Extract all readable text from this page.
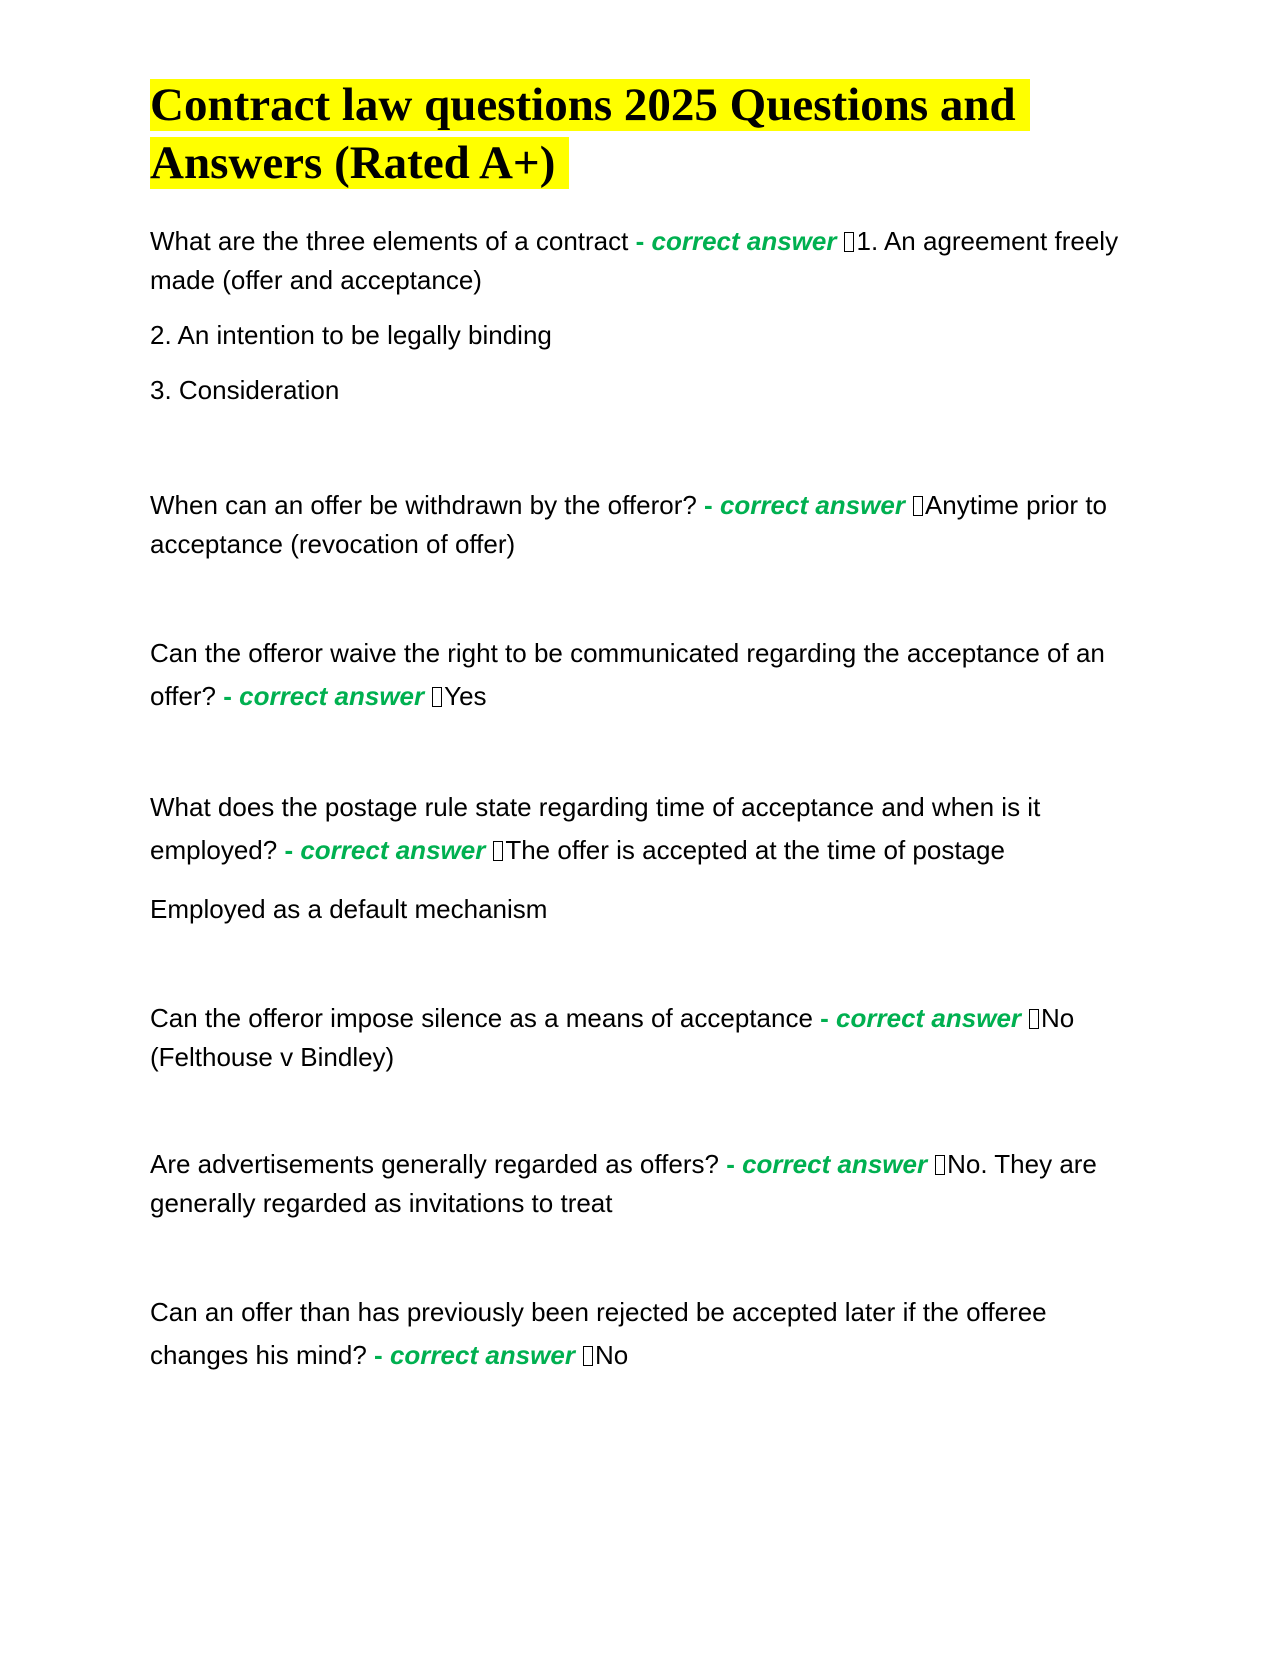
Contract law questions 2025 Questions and Answers (Rated A+)

What are the three elements of a contract - correct answer 1. An agreement freely made (offer and acceptance)

2. An intention to be legally binding

3. Consideration

When can an offer be withdrawn by the offeror? - correct answer Anytime prior to acceptance (revocation of offer)

Can the offeror waive the right to be communicated regarding the acceptance of an offer? - correct answer Yes

What does the postage rule state regarding time of acceptance and when is it employed? - correct answer The offer is accepted at the time of postage

Employed as a default mechanism

Can the offeror impose silence as a means of acceptance - correct answer No (Felthouse v Bindley)

Are advertisements generally regarded as offers? - correct answer No. They are generally regarded as invitations to treat

Can an offer than has previously been rejected be accepted later if the offeree changes his mind? - correct answer No
